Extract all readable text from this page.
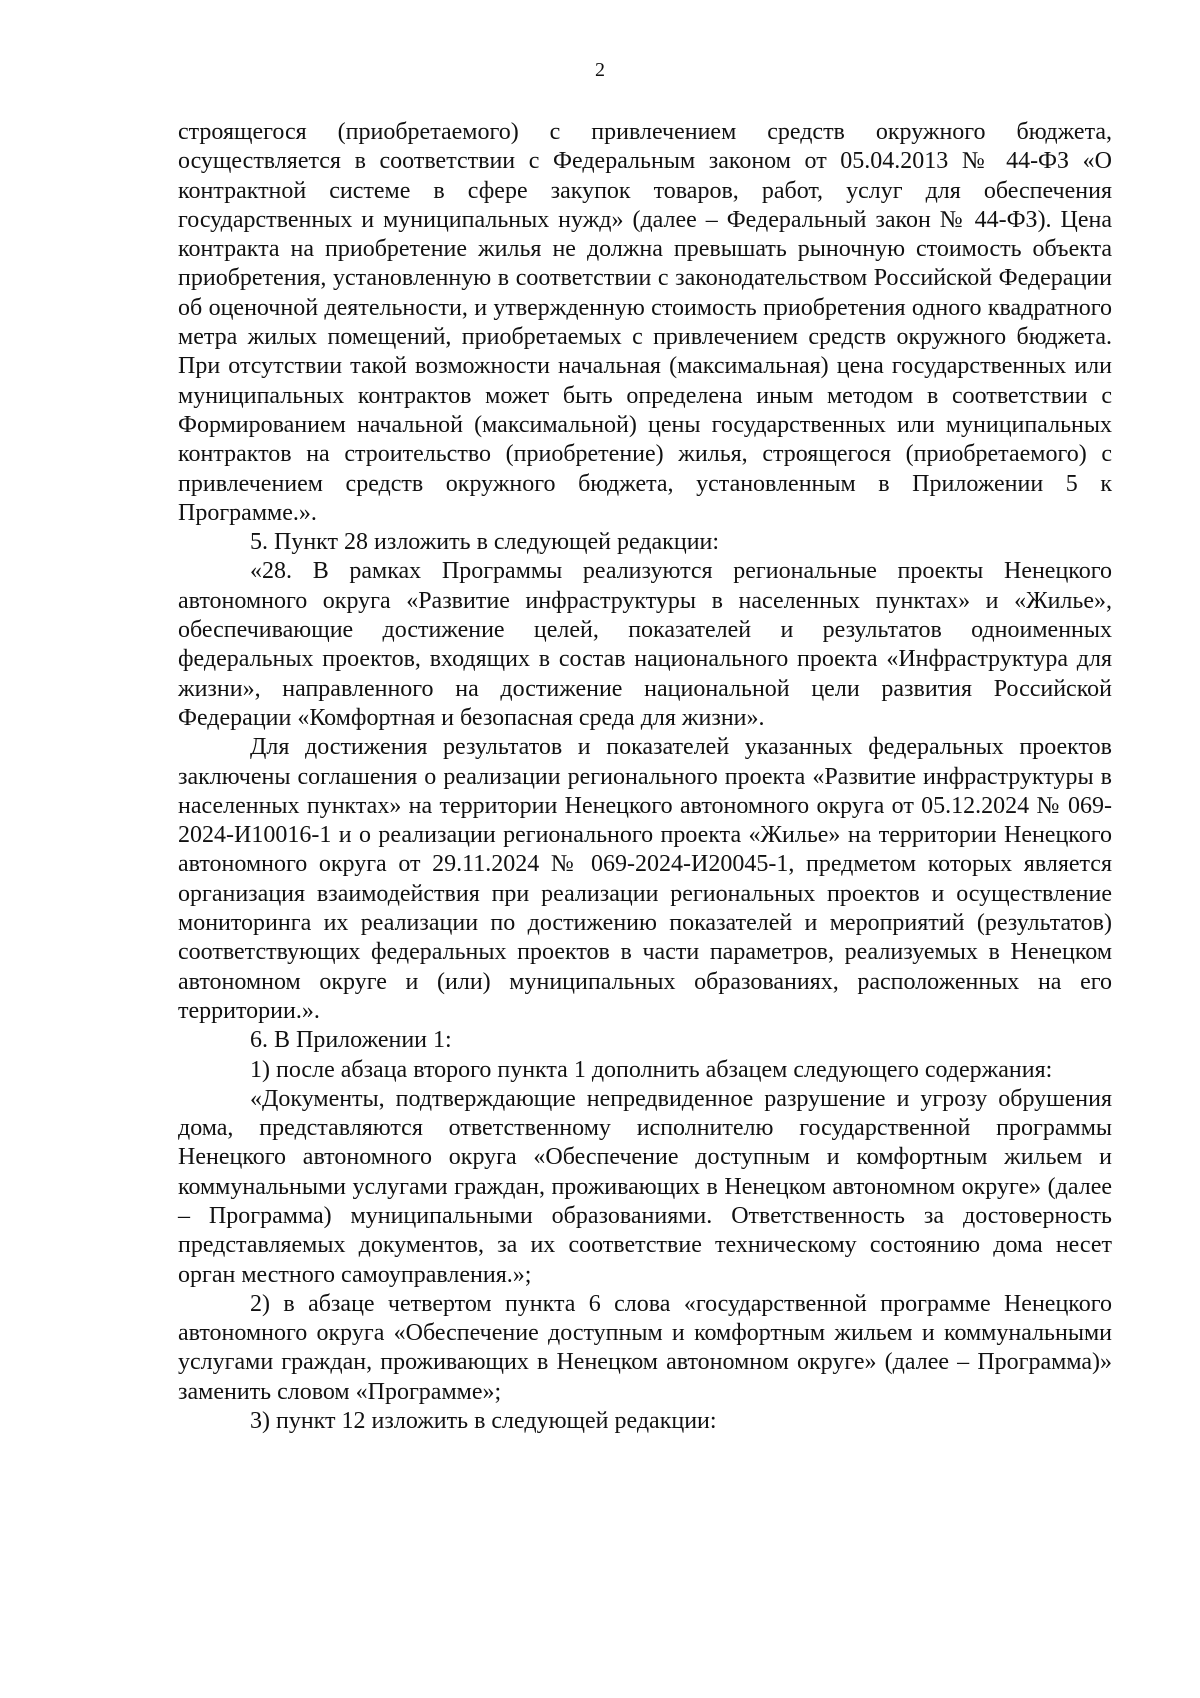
2

строящегося (приобретаемого) с привлечением средств окружного бюджета, осуществляется в соответствии с Федеральным законом от 05.04.2013 № 44-ФЗ «О контрактной системе в сфере закупок товаров, работ, услуг для обеспечения государственных и муниципальных нужд» (далее – Федеральный закон № 44-ФЗ). Цена контракта на приобретение жилья не должна превышать рыночную стоимость объекта приобретения, установленную в соответствии с законодательством Российской Федерации об оценочной деятельности, и утвержденную стоимость приобретения одного квадратного метра жилых помещений, приобретаемых с привлечением средств окружного бюджета. При отсутствии такой возможности начальная (максимальная) цена государственных или муниципальных контрактов может быть определена иным методом в соответствии с Формированием начальной (максимальной) цены государственных или муниципальных контрактов на строительство (приобретение) жилья, строящегося (приобретаемого) с привлечением средств окружного бюджета, установленным в Приложении 5 к Программе.».

5. Пункт 28 изложить в следующей редакции:

«28. В рамках Программы реализуются региональные проекты Ненецкого автономного округа «Развитие инфраструктуры в населенных пунктах» и «Жилье», обеспечивающие достижение целей, показателей и результатов одноименных федеральных проектов, входящих в состав национального проекта «Инфраструктура для жизни», направленного на достижение национальной цели развития Российской Федерации «Комфортная и безопасная среда для жизни».

Для достижения результатов и показателей указанных федеральных проектов заключены соглашения о реализации регионального проекта «Развитие инфраструктуры в населенных пунктах» на территории Ненецкого автономного округа от 05.12.2024 № 069-2024-И10016-1 и о реализации регионального проекта «Жилье» на территории Ненецкого автономного округа от 29.11.2024 № 069-2024-И20045-1, предметом которых является организация взаимодействия при реализации региональных проектов и осуществление мониторинга их реализации по достижению показателей и мероприятий (результатов) соответствующих федеральных проектов в части параметров, реализуемых в Ненецком автономном округе и (или) муниципальных образованиях, расположенных на его территории.».

6. В Приложении 1:

1) после абзаца второго пункта 1 дополнить абзацем следующего содержания:

«Документы, подтверждающие непредвиденное разрушение и угрозу обрушения дома, представляются ответственному исполнителю государственной программы Ненецкого автономного округа «Обеспечение доступным и комфортным жильем и коммунальными услугами граждан, проживающих в Ненецком автономном округе» (далее – Программа) муниципальными образованиями. Ответственность за достоверность представляемых документов, за их соответствие техническому состоянию дома несет орган местного самоуправления.»;

2) в абзаце четвертом пункта 6 слова «государственной программе Ненецкого автономного округа «Обеспечение доступным и комфортным жильем и коммунальными услугами граждан, проживающих в Ненецком автономном округе» (далее – Программа)» заменить словом «Программе»;

3) пункт 12 изложить в следующей редакции:
